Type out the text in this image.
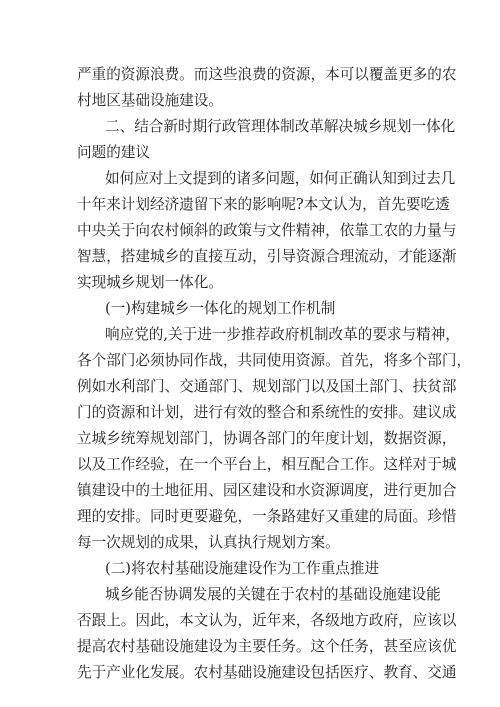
严重的资源浪费。而这些浪费的资源，本可以覆盖更多的农
村地区基础设施建设。
二、结合新时期行政管理体制改革解决城乡规划一体化
问题的建议
如何应对上文提到的诸多问题，如何正确认知到过去几
十年来计划经济遗留下来的影响呢?本文认为，首先要吃透
中央关于向农村倾斜的政策与文件精神，依靠工农的力量与
智慧，搭建城乡的直接互动，引导资源合理流动，才能逐渐
实现城乡规划一体化。
(一)构建城乡一体化的规划工作机制
响应党的,关于进一步推荐政府机制改革的要求与精神，
各个部门必须协同作战，共同使用资源。首先，将多个部门，
例如水利部门、交通部门、规划部门以及国土部门、扶贫部
门的资源和计划，进行有效的整合和系统性的安排。建议成
立城乡统筹规划部门，协调各部门的年度计划，数据资源，
以及工作经验，在一个平台上，相互配合工作。这样对于城
镇建设中的土地征用、园区建设和水资源调度，进行更加合
理的安排。同时更要避免，一条路建好又重建的局面。珍惜
每一次规划的成果，认真执行规划方案。
(二)将农村基础设施建设作为工作重点推进
城乡能否协调发展的关键在于农村的基础设施建设能
否跟上。因此，本文认为，近年来，各级地方政府，应该以
提高农村基础设施建设为主要任务。这个任务，甚至应该优
先于产业化发展。农村基础设施建设包括医疗、教育、交通
